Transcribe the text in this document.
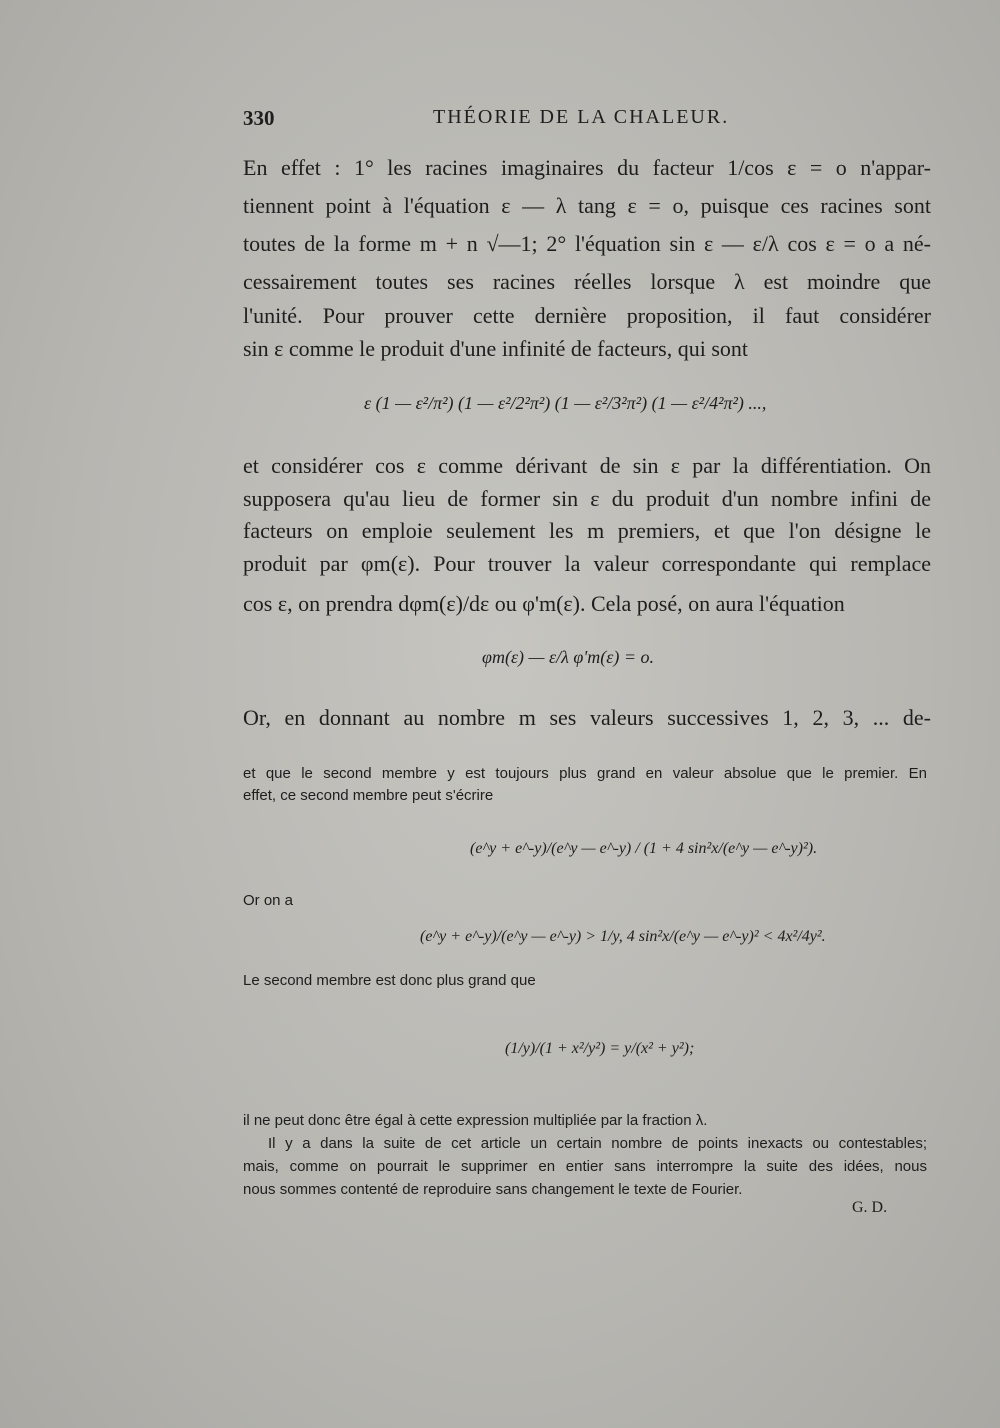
330	THÉORIE DE LA CHALEUR.
En effet : 1° les racines imaginaires du facteur 1/cos ε = o n'appar-
tiennent point à l'équation ε — λ tang ε = o, puisque ces racines sont
toutes de la forme m + n √—1; 2° l'équation sin ε — ε/λ cos ε = o a né-
cessairement toutes ses racines réelles lorsque λ est moindre que
l'unité. Pour prouver cette dernière proposition, il faut considérer
sin ε comme le produit d'une infinité de facteurs, qui sont
ε (1 — ε²/π²) (1 — ε²/2²π²) (1 — ε²/3²π²) (1 — ε²/4²π²) ...,
et considérer cos ε comme dérivant de sin ε par la différentiation. On
supposera qu'au lieu de former sin ε du produit d'un nombre infini de
facteurs on emploie seulement les m premiers, et que l'on désigne le
produit par φm(ε). Pour trouver la valeur correspondante qui remplace
cos ε, on prendra dφm(ε)/dε ou φ'm(ε). Cela posé, on aura l'équation
φm(ε) — ε/λ φ'm(ε) = o.
Or, en donnant au nombre m ses valeurs successives 1, 2, 3, ... de-
et que le second membre y est toujours plus grand en valeur absolue que le premier. En
effet, ce second membre peut s'écrire
(e^y + e^-y)/(e^y — e^-y) / (1 + 4 sin²x/(e^y — e^-y)²).
Or on a
(e^y + e^-y)/(e^y — e^-y) > 1/y, 4 sin²x/(e^y — e^-y)² < 4x²/4y².
Le second membre est donc plus grand que
(1/y)/(1 + x²/y²) = y/(x² + y²);
il ne peut donc être égal à cette expression multipliée par la fraction λ.
Il y a dans la suite de cet article un certain nombre de points inexacts ou contestables;
mais, comme on pourrait le supprimer en entier sans interrompre la suite des idées, nous
nous sommes contenté de reproduire sans changement le texte de Fourier.
G. D.
